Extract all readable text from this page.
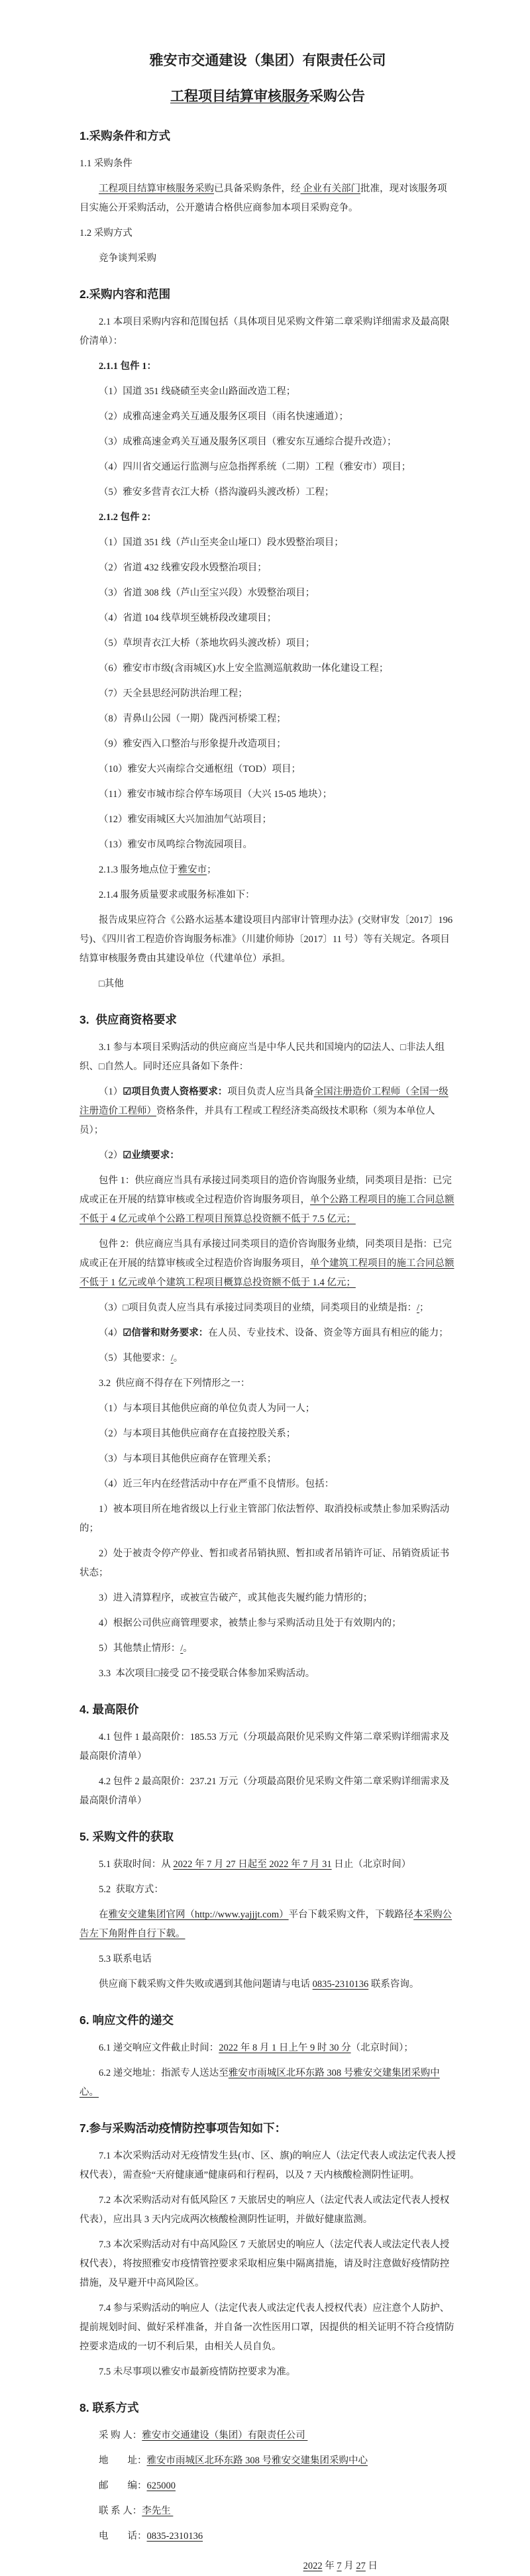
雅安市交通建设（集团）有限责任公司
工程项目结算审核服务采购公告
1.采购条件和方式
1.1 采购条件
工程项目结算审核服务采购已具备采购条件，经 企业有关部门批准，现对该服务项目实施公开采购活动，公开邀请合格供应商参加本项目采购竞争。
1.2 采购方式
竞争谈判采购
2.采购内容和范围
2.1 本项目采购内容和范围包括（具体项目见采购文件第二章采购详细需求及最高限价清单）：
2.1.1 包件 1：
（1）国道 351 线硗碛至夹金山路面改造工程；
（2）成雅高速金鸡关互通及服务区项目（雨名快速通道）；
（3）成雅高速金鸡关互通及服务区项目（雅安东互通综合提升改造）；
（4）四川省交通运行监测与应急指挥系统（二期）工程（雅安市）项目；
（5）雅安多营青衣江大桥（搭沟漩码头渡改桥）工程；
2.1.2 包件 2：
（1）国道 351 线（芦山至夹金山垭口）段水毁整治项目；
（2）省道 432 线雅安段水毁整治项目；
（3）省道 308 线（芦山至宝兴段）水毁整治项目；
（4）省道 104 线草坝至姚桥段改建项目；
（5）草坝青衣江大桥（茶地坎码头渡改桥）项目；
（6）雅安市市级(含雨城区)水上安全监测巡航救助一体化建设工程；
（7）天全县思经河防洪治理工程；
（8）青鼻山公园（一期）陇西河桥梁工程；
（9）雅安西入口整治与形象提升改造项目；
（10）雅安大兴南综合交通枢纽（TOD）项目；
（11）雅安市城市综合停车场项目（大兴 15-05 地块）；
（12）雅安雨城区大兴加油加气站项目；
（13）雅安市凤鸣综合物流园项目。
2.1.3 服务地点位于雅安市；
2.1.4 服务质量要求或服务标准如下：
报告成果应符合《公路水运基本建设项目内部审计管理办法》(交财审发〔2017〕196 号)、《四川省工程造价咨询服务标准》（川建价师协〔2017〕11 号）等有关规定。各项目结算审核服务费由其建设单位（代建单位）承担。
□其他
3.  供应商资格要求
3.1 参与本项目采购活动的供应商应当是中华人民共和国境内的☑法人、□非法人组织、□自然人。同时还应具备如下条件：
（1）☑项目负责人资格要求：项目负责人应当具备全国注册造价工程师（全国一级注册造价工程师）资格条件，并具有工程或工程经济类高级技术职称（须为本单位人员）；
（2）☑业绩要求：
包件 1：供应商应当具有承接过同类项目的造价咨询服务业绩，同类项目是指：已完成或正在开展的结算审核或全过程造价咨询服务项目，单个公路工程项目的施工合同总额不低于 4 亿元或单个公路工程项目预算总投资额不低于 7.5 亿元；
包件 2：供应商应当具有承接过同类项目的造价咨询服务业绩，同类项目是指：已完成或正在开展的结算审核或全过程造价咨询服务项目，单个建筑工程项目的施工合同总额不低于 1 亿元或单个建筑工程项目概算总投资额不低于 1.4 亿元；
（3）□项目负责人应当具有承接过同类项目的业绩，同类项目的业绩是指：/；
（4）☑信誉和财务要求：在人员、专业技术、设备、资金等方面具有相应的能力；
（5）其他要求：/。
3.2  供应商不得存在下列情形之一：
（1）与本项目其他供应商的单位负责人为同一人；
（2）与本项目其他供应商存在直接控股关系；
（3）与本项目其他供应商存在管理关系；
（4）近三年内在经营活动中存在严重不良情形。包括：
1）被本项目所在地省级以上行业主管部门依法暂停、取消投标或禁止参加采购活动的；
2）处于被责令停产停业、暂扣或者吊销执照、暂扣或者吊销许可证、吊销资质证书状态；
3）进入清算程序，或被宣告破产，或其他丧失履约能力情形的；
4）根据公司供应商管理要求，被禁止参与采购活动且处于有效期内的；
5）其他禁止情形：/。
3.3  本次项目□接受 ☑不接受联合体参加采购活动。
4. 最高限价
4.1 包件 1 最高限价：185.53 万元（分项最高限价见采购文件第二章采购详细需求及最高限价清单）
4.2 包件 2 最高限价：237.21 万元（分项最高限价见采购文件第二章采购详细需求及最高限价清单）
5. 采购文件的获取
5.1 获取时间：从 2022 年 7 月 27 日起至 2022 年 7 月 31 日止（北京时间）
5.2  获取方式：
在雅安交建集团官网（http://www.yajjjt.com）平台下载采购文件，下载路径本采购公告左下角附件自行下载。
5.3 联系电话
供应商下载采购文件失败或遇到其他问题请与电话 0835-2310136 联系咨询。
6. 响应文件的递交
6.1 递交响应文件截止时间：2022 年 8 月 1 日上午 9 时 30 分（北京时间）；
6.2 递交地址：指派专人送达至雅安市雨城区北环东路 308 号雅安交建集团采购中心。
7.参与采购活动疫情防控事项告知如下：
7.1 本次采购活动对无疫情发生县(市、区、旗)的响应人（法定代表人或法定代表人授权代表），需查验“天府健康通”健康码和行程码，以及 7 天内核酸检测阴性证明。
7.2 本次采购活动对有低风险区 7 天旅居史的响应人（法定代表人或法定代表人授权代表），应出具 3 天内完成两次核酸检测阴性证明，并做好健康监测。
7.3 本次采购活动对有中高风险区 7 天旅居史的响应人（法定代表人或法定代表人授权代表），将按照雅安市疫情管控要求采取相应集中隔离措施，请及时注意做好疫情防控措施，及早避开中高风险区。
7.4 参与采购活动的响应人（法定代表人或法定代表人授权代表）应注意个人防护、提前规划时间、做好采样准备，并自备一次性医用口罩，因提供的相关证明不符合疫情防控要求造成的一切不利后果，由相关人员自负。
7.5 未尽事项以雅安市最新疫情防控要求为准。
8. 联系方式
采 购 人：雅安市交通建设（集团）有限责任公司
地　　址：雅安市雨城区北环东路 308 号雅安交建集团采购中心
邮　　编：625000
联 系 人：李先生
电　　话：0835-2310136
2022 年 7 月 27 日
